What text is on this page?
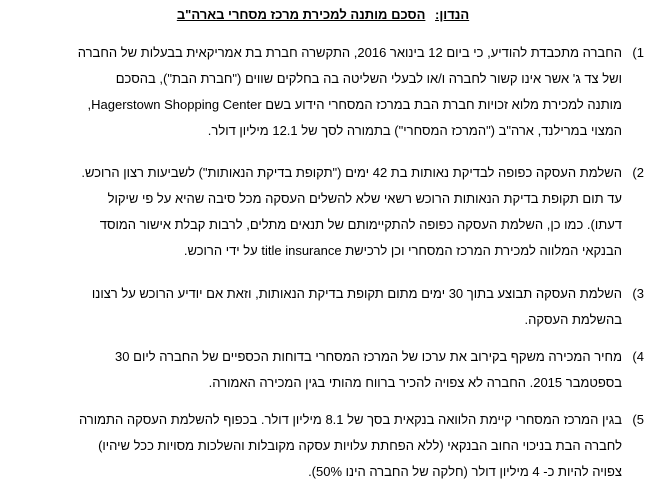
הנדון: הסכם מותנה למכירת מרכז מסחרי בארה"ב
1)
החברה מתכבדת להודיע, כי ביום 12 בינואר 2016, התקשרה חברת בת אמריקאית בבעלות של החברה
ושל צד ג' אשר אינו קשור לחברה ו/או לבעלי השליטה בה בחלקים שווים ("חברת הבת"), בהסכם
מותנה למכירת מלוא זכויות חברת הבת במרכז המסחרי הידוע בשם Hagerstown Shopping Center,
המצוי במרילנד, ארה"ב ("המרכז המסחרי") בתמורה לסך של 12.1 מיליון דולר.
2)
השלמת העסקה כפופה לבדיקת נאותות בת 42 ימים ("תקופת בדיקת הנאותות") לשביעות רצון הרוכש.
עד תום תקופת בדיקת הנאותות הרוכש רשאי שלא להשלים העסקה מכל סיבה שהיא על פי שיקול
דעתו). כמו כן, השלמת העסקה כפופה להתקיימותם של תנאים מתלים, לרבות קבלת אישור המוסד
הבנקאי המלווה למכירת המרכז המסחרי וכן לרכישת title insurance על ידי הרוכש.
3)
השלמת העסקה תבוצע בתוך 30 ימים מתום תקופת בדיקת הנאותות, וזאת אם יודיע הרוכש על רצונו
בהשלמת העסקה.
4)
מחיר המכירה משקף בקירוב את ערכו של המרכז המסחרי בדוחות הכספיים של החברה ליום 30
בספטמבר 2015. החברה לא צפויה להכיר ברווח מהותי בגין המכירה האמורה.
5)
בגין המרכז המסחרי קיימת הלוואה בנקאית בסך של 8.1 מיליון דולר. בכפוף להשלמת העסקה התמורה
לחברה הבת בניכוי החוב הבנקאי (ללא הפחתת עלויות עסקה מקובלות והשלכות מסויות ככל שיהיו)
צפויה להיות כ- 4 מיליון דולר (חלקה של החברה הינו 50%).
